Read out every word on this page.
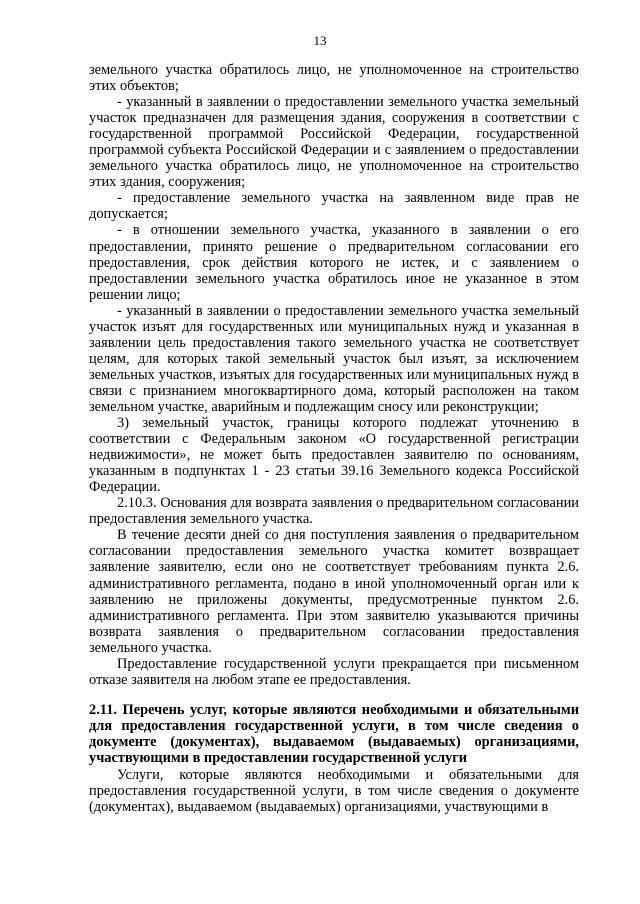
13

земельного участка обратилось лицо, не уполномоченное на строительство этих объектов;

- указанный в заявлении о предоставлении земельного участка земельный участок предназначен для размещения здания, сооружения в соответствии с государственной программой Российской Федерации, государственной программой субъекта Российской Федерации и с заявлением о предоставлении земельного участка обратилось лицо, не уполномоченное на строительство этих здания, сооружения;

- предоставление земельного участка на заявленном виде прав не допускается;

- в отношении земельного участка, указанного в заявлении о его предоставлении, принято решение о предварительном согласовании его предоставления, срок действия которого не истек, и с заявлением о предоставлении земельного участка обратилось иное не указанное в этом решении лицо;

- указанный в заявлении о предоставлении земельного участка земельный участок изъят для государственных или муниципальных нужд и указанная в заявлении цель предоставления такого земельного участка не соответствует целям, для которых такой земельный участок был изъят, за исключением земельных участков, изъятых для государственных или муниципальных нужд в связи с признанием многоквартирного дома, который расположен на таком земельном участке, аварийным и подлежащим сносу или реконструкции;

3) земельный участок, границы которого подлежат уточнению в соответствии с Федеральным законом «О государственной регистрации недвижимости», не может быть предоставлен заявителю по основаниям, указанным в подпунктах 1 - 23 статьи 39.16 Земельного кодекса Российской Федерации.

2.10.3. Основания для возврата заявления о предварительном согласовании предоставления земельного участка.

В течение десяти дней со дня поступления заявления о предварительном согласовании предоставления земельного участка комитет возвращает заявление заявителю, если оно не соответствует требованиям пункта 2.6. административного регламента, подано в иной уполномоченный орган или к заявлению не приложены документы, предусмотренные пунктом 2.6. административного регламента. При этом заявителю указываются причины возврата заявления о предварительном согласовании предоставления земельного участка.

Предоставление государственной услуги прекращается при письменном отказе заявителя на любом этапе ее предоставления.

2.11. Перечень услуг, которые являются необходимыми и обязательными для предоставления государственной услуги, в том числе сведения о документе (документах), выдаваемом (выдаваемых) организациями, участвующими в предоставлении государственной услуги

Услуги, которые являются необходимыми и обязательными для предоставления государственной услуги, в том числе сведения о документе (документах), выдаваемом (выдаваемых) организациями, участвующими в
